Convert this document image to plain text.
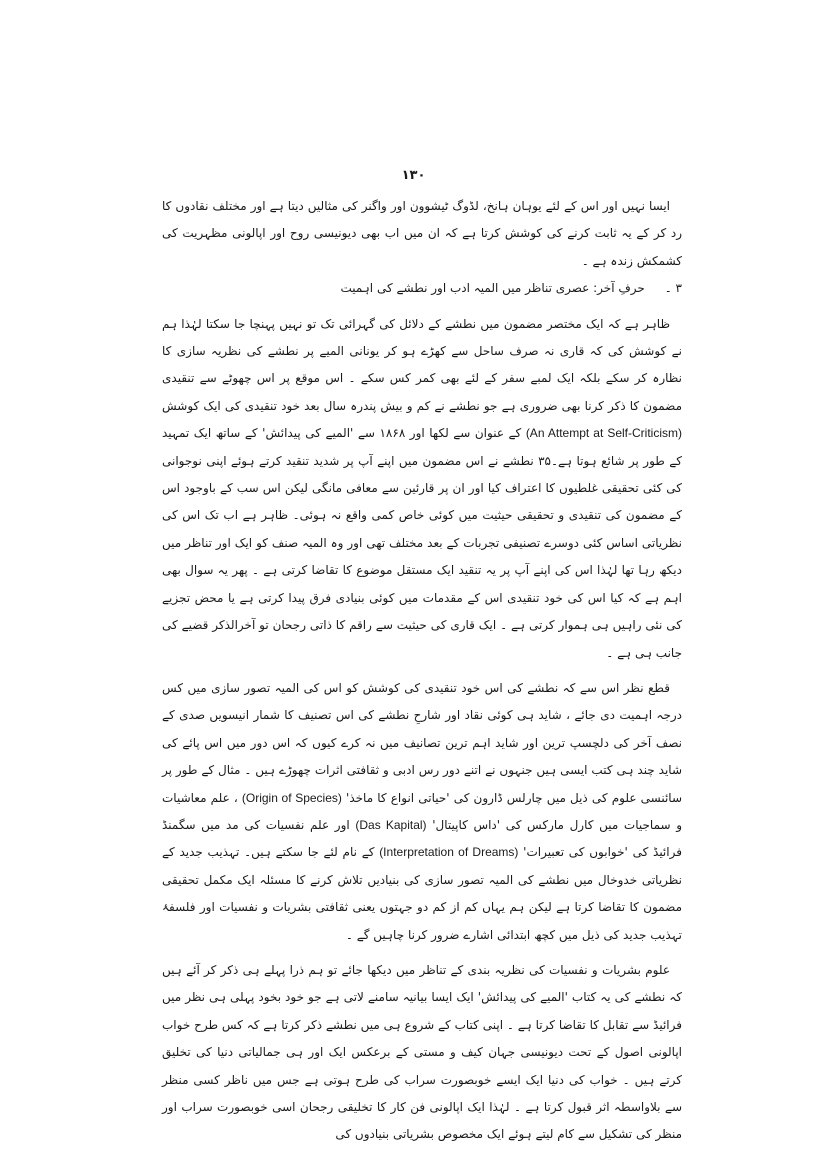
۱۳۰

ایسا نہیں اور اس کے لئے یوہان ہانخ، لڈوگ ٹیشوون اور واگنر کی مثالیں دیتا ہے اور مختلف نقادوں کا رد کر کے یہ ثابت کرنے کی کوشش کرتا ہے کہ ان میں اب بھی دیونیسی روح اور اپالونی مظہریت کی کشمکش زندہ ہے ۔

۳ ۔ حرفِ آخر: عصری تناظر میں المیہ ادب اور نطشے کی اہمیت

ظاہر ہے کہ ایک مختصر مضمون میں نطشے کے دلائل کی گہرائی تک تو نہیں پہنچا جا سکتا لہٰذا ہم نے کوشش کی کہ قاری نہ صرف ساحل سے کھڑے ہو کر یونانی المیے پر نطشے کی نظریہ سازی کا نظارہ کر سکے بلکہ ایک لمبے سفر کے لئے بھی کمر کس سکے ۔ اس موقع پر اس چھوٹے سے تنقیدی مضمون کا ذکر کرنا بھی ضروری ہے جو نطشے نے کم و بیش پندرہ سال بعد خود تنقیدی کی ایک کوشش (An Attempt at Self-Criticism) کے عنوان سے لکھا اور ۱۸۶۸ سے 'المیے کی پیدائش' کے ساتھ ایک تمہید کے طور پر شائع ہوتا ہے۔۳۵ نطشے نے اس مضمون میں اپنے آپ پر شدید تنقید کرتے ہوئے اپنی نوجوانی کی کئی تحقیقی غلطیوں کا اعتراف کیا اور ان پر قارئین سے معافی مانگی لیکن اس سب کے باوجود اس کے مضمون کی تنقیدی و تحقیقی حیثیت میں کوئی خاص کمی واقع نہ ہوئی۔ ظاہر ہے اب تک اس کی نظریاتی اساس کئی دوسرے تصنیفی تجربات کے بعد مختلف تھی اور وہ المیہ صنف کو ایک اور تناظر میں دیکھ رہا تھا لہٰذا اس کی اپنے آپ پر یہ تنقید ایک مستقل موضوع کا تقاضا کرتی ہے ۔ پھر یہ سوال بھی اہم ہے کہ کیا اس کی خود تنقیدی اس کے مقدمات میں کوئی بنیادی فرق پیدا کرتی ہے یا محض تجزیے کی نئی راہیں ہی ہموار کرتی ہے ۔ ایک قاری کی حیثیت سے راقم کا ذاتی رجحان تو آخرالذکر قضیے کی جانب ہی ہے ۔

قطع نظر اس سے کہ نطشے کی اس خود تنقیدی کی کوشش کو اس کی المیہ تصور سازی میں کس درجہ اہمیت دی جائے ، شاید ہی کوئی نقاد اور شارحِ نطشے کی اس تصنیف کا شمار انیسویں صدی کے نصف آخر کی دلچسپ ترین اور شاید اہم ترین تصانیف میں نہ کرے کیوں کہ اس دور میں اس پائے کی شاید چند ہی کتب ایسی ہیں جنہوں نے اتنے دور رس ادبی و ثقافتی اثرات چھوڑے ہیں ۔ مثال کے طور پر سائنسی علوم کی ذیل میں چارلس ڈارون کی 'حیاتی انواع کا ماخذ' (Origin of Species) ، علم معاشیات و سماجیات میں کارل مارکس کی 'داس کاپیتال' (Das Kapital) اور علم نفسیات کی مد میں سگمنڈ فرائیڈ کی 'خوابوں کی تعبیرات' (Interpretation of Dreams) کے نام لئے جا سکتے ہیں۔ تہذیب جدید کے نظریاتی خدوخال میں نطشے کی المیہ تصور سازی کی بنیادیں تلاش کرنے کا مسئلہ ایک مکمل تحقیقی مضمون کا تقاضا کرتا ہے لیکن ہم یہاں کم از کم دو جہتوں یعنی ثقافتی بشریات و نفسیات اور فلسفۂ تہذیب جدید کی ذیل میں کچھ ابتدائی اشارے ضرور کرنا چاہیں گے ۔

علوم بشریات و نفسیات کی نظریہ بندی کے تناظر میں دیکھا جائے تو ہم ذرا پہلے ہی ذکر کر آئے ہیں کہ نطشے کی یہ کتاب 'المیے کی پیدائش' ایک ایسا بیانیہ سامنے لاتی ہے جو خود بخود پہلی ہی نظر میں فرائیڈ سے تقابل کا تقاضا کرتا ہے ۔ اپنی کتاب کے شروع ہی میں نطشے ذکر کرتا ہے کہ کس طرح خواب اپالونی اصول کے تحت دیونیسی جہان کیف و مستی کے برعکس ایک اور ہی جمالیاتی دنیا کی تخلیق کرتے ہیں ۔ خواب کی دنیا ایک ایسے خوبصورت سراب کی طرح ہوتی ہے جس میں ناظر کسی منظر سے بلاواسطہ اثر قبول کرتا ہے ۔ لہٰذا ایک اپالونی فن کار کا تخلیقی رجحان اسی خوبصورت سراب اور منظر کی تشکیل سے کام لیتے ہوئے ایک مخصوص بشریاتی بنیادوں کی
